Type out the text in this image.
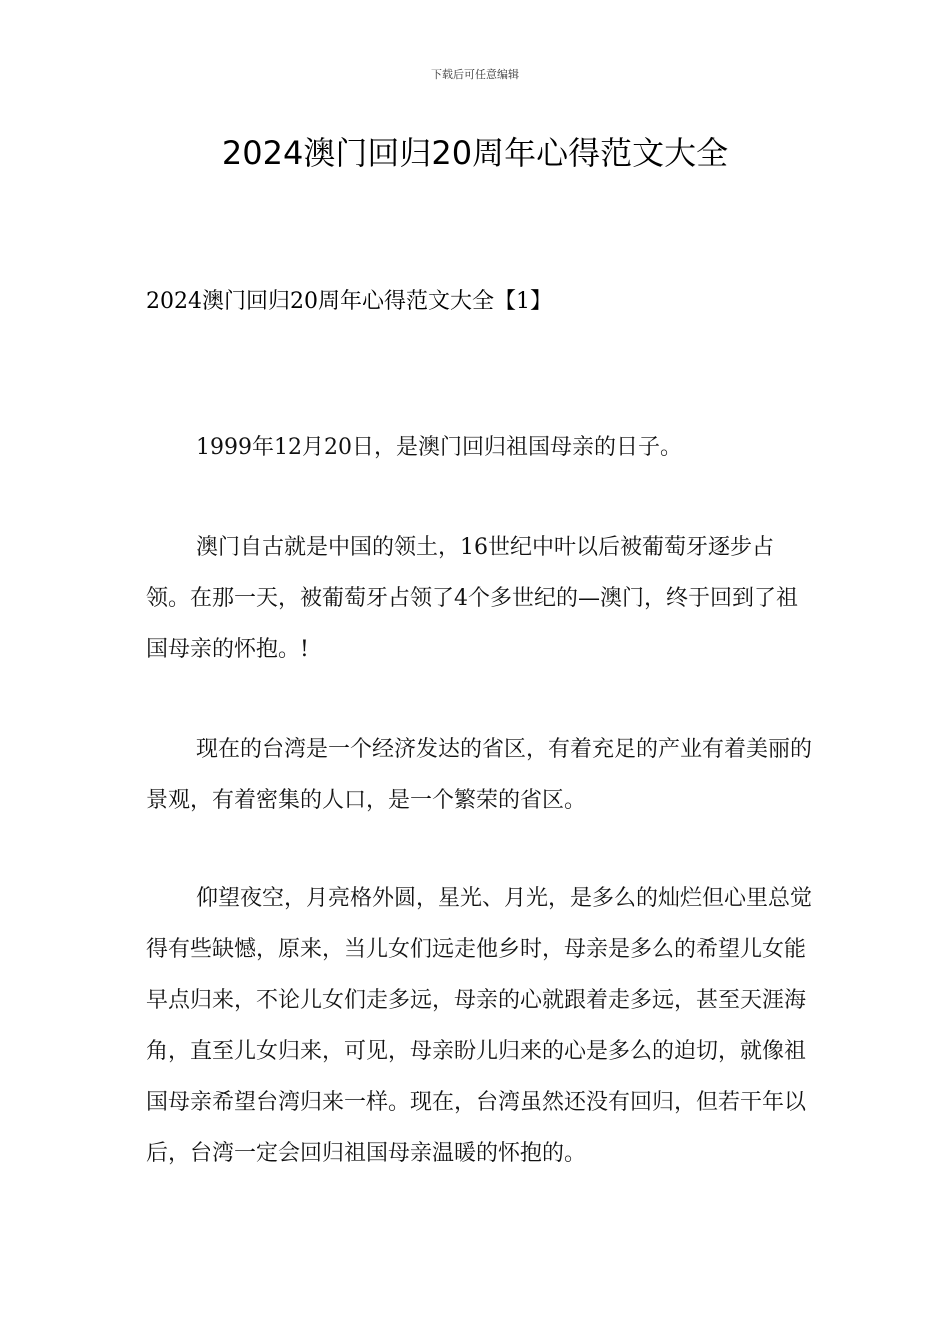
下载后可任意编辑
2024澳门回归20周年心得范文大全
2024澳门回归20周年心得范文大全【1】

1999年12月20日，是澳门回归祖国母亲的日子。

澳门自古就是中国的领土，16世纪中叶以后被葡萄牙逐步占领。在那一天，被葡萄牙占领了4个多世纪的—澳门，终于回到了祖国母亲的怀抱。!

现在的台湾是一个经济发达的省区，有着充足的产业有着美丽的景观，有着密集的人口，是一个繁荣的省区。

仰望夜空，月亮格外圆，星光、月光，是多么的灿烂但心里总觉得有些缺憾，原来，当儿女们远走他乡时，母亲是多么的希望儿女能早点归来，不论儿女们走多远，母亲的心就跟着走多远，甚至天涯海角，直至儿女归来，可见，母亲盼儿归来的心是多么的迫切，就像祖国母亲希望台湾归来一样。现在，台湾虽然还没有回归，但若干年以后，台湾一定会回归祖国母亲温暖的怀抱的。
